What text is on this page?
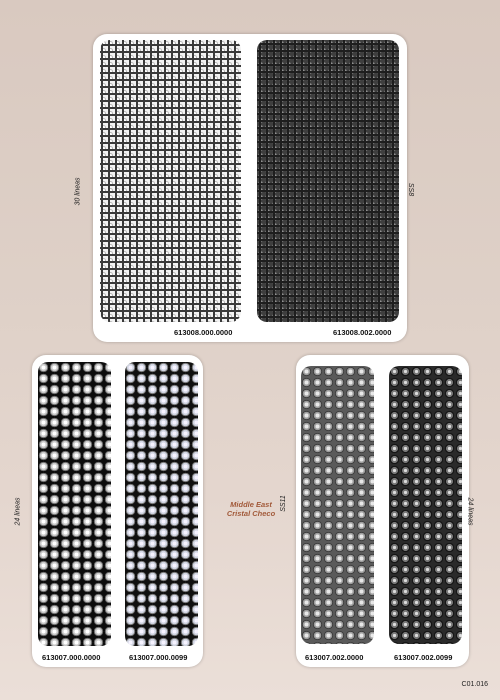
613008.000.0000	613008.002.0000
30 lineas	SS8
613007.000.0000	613007.000.0099
24 lineas	Middle East
Cristal Checo
613007.002.0000	613007.002.0099
SS11	24 lineas
C01.016
